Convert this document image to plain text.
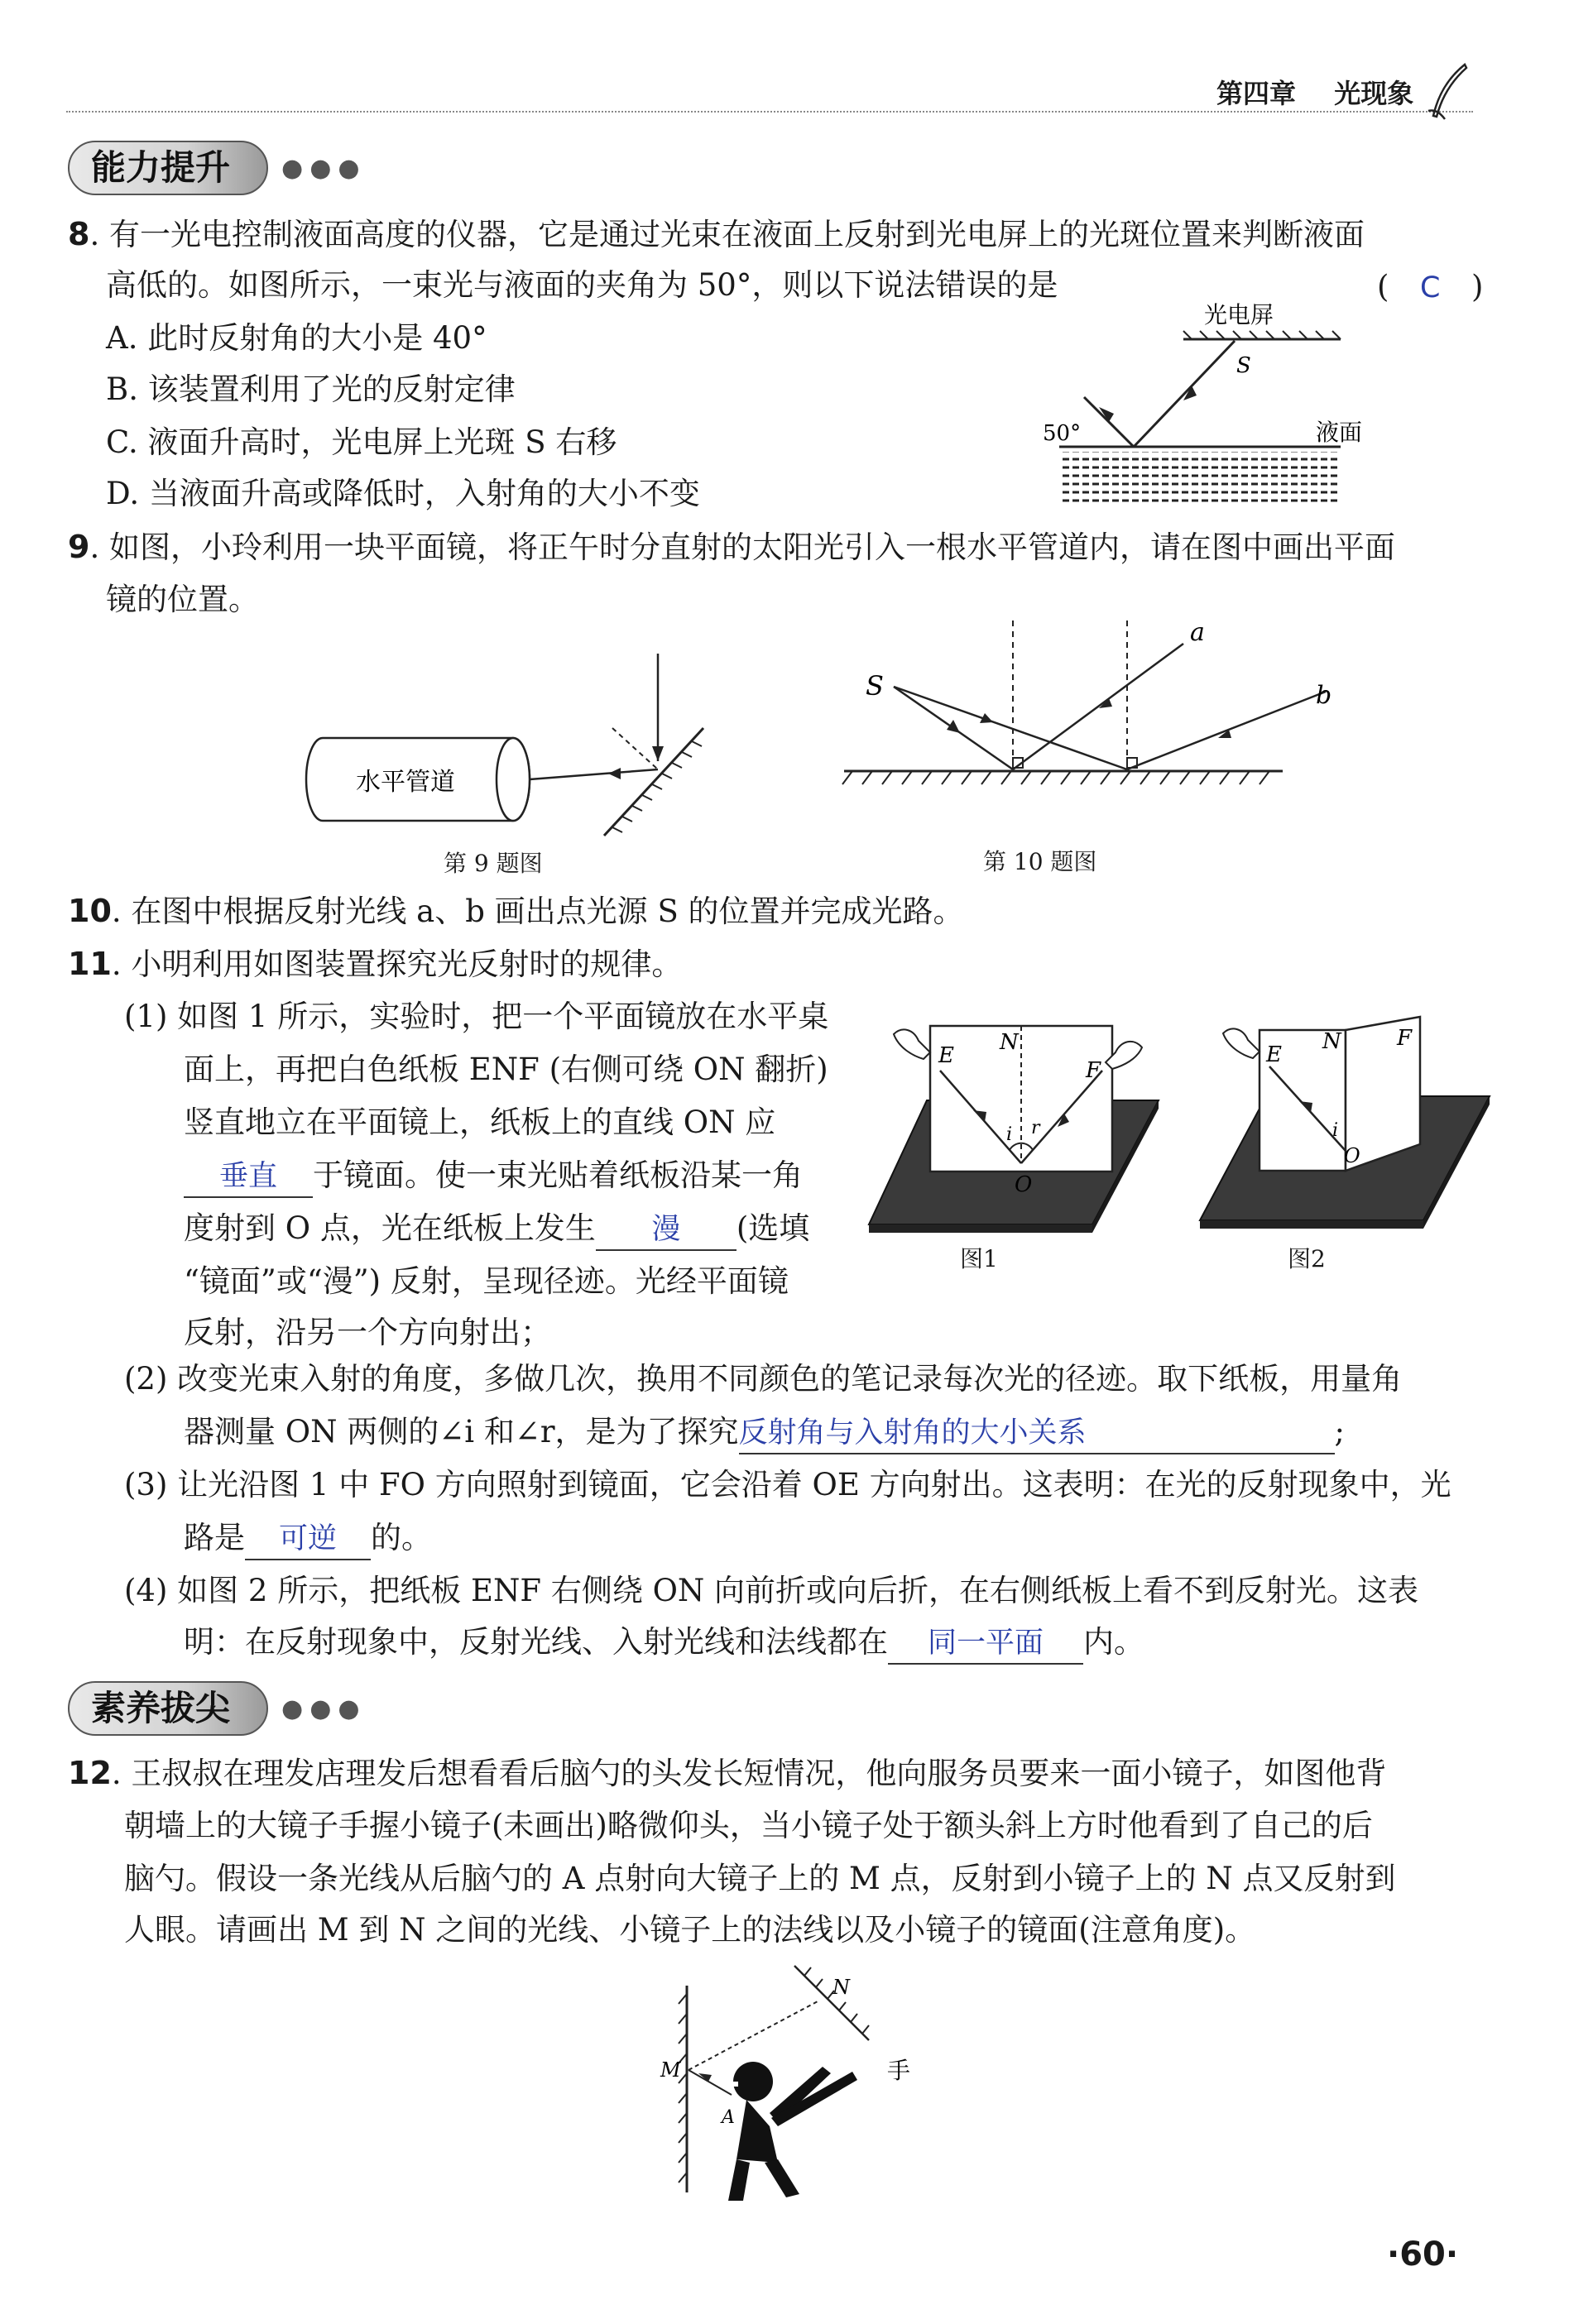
第四章 光现象
能力提升	●●●
8. 有一光电控制液面高度的仪器，它是通过光束在液面上反射到光电屏上的光斑位置来判断液面
高低的。如图所示，一束光与液面的夹角为 50°，则以下说法错误的是	( C )
A. 此时反射角的大小是 40°
B. 该装置利用了光的反射定律
C. 液面升高时，光电屏上光斑 S 右移
D. 当液面升高或降低时，入射角的大小不变
光电屏
S
50°	液面
9. 如图，小玲利用一块平面镜，将正午时分直射的太阳光引入一根水平管道内，请在图中画出平面
镜的位置。
水平管道
第 9 题图
S
a
b
第 10 题图
10. 在图中根据反射光线 a、b 画出点光源 S 的位置并完成光路。
11. 小明利用如图装置探究光反射时的规律。
(1) 如图 1 所示，实验时，把一个平面镜放在水平桌
面上，再把白色纸板 ENF (右侧可绕 ON 翻折)
竖直地立在平面镜上，纸板上的直线 ON 应
垂直 于镜面。使一束光贴着纸板沿某一角
度射到 O 点，光在纸板上发生 漫 (选填
“镜面”或“漫”) 反射，呈现径迹。光经平面镜
反射，沿另一个方向射出；
E
N
F
O
i r
图1
E
N	F
i
O
图2
(2) 改变光束入射的角度，多做几次，换用不同颜色的笔记录每次光的径迹。取下纸板，用量角
器测量 ON 两侧的∠i 和∠r，是为了探究反射角与入射角的大小关系	;
(3) 让光沿图 1 中 FO 方向照射到镜面，它会沿着 OE 方向射出。这表明：在光的反射现象中，光
路是 可逆 的。
(4) 如图 2 所示，把纸板 ENF 右侧绕 ON 向前折或向后折，在右侧纸板上看不到反射光。这表
明：在反射现象中，反射光线、入射光线和法线都在 同一平面 内。
素养拔尖	●●●
12. 王叔叔在理发店理发后想看看后脑勺的头发长短情况，他向服务员要来一面小镜子，如图他背
朝墙上的大镜子手握小镜子(未画出)略微仰头，当小镜子处于额头斜上方时他看到了自己的后
脑勺。假设一条光线从后脑勺的 A 点射向大镜子上的 M 点，反射到小镜子上的 N 点又反射到
人眼。请画出 M 到 N 之间的光线、小镜子上的法线以及小镜子的镜面(注意角度)。
N
M
A
手
·60·
